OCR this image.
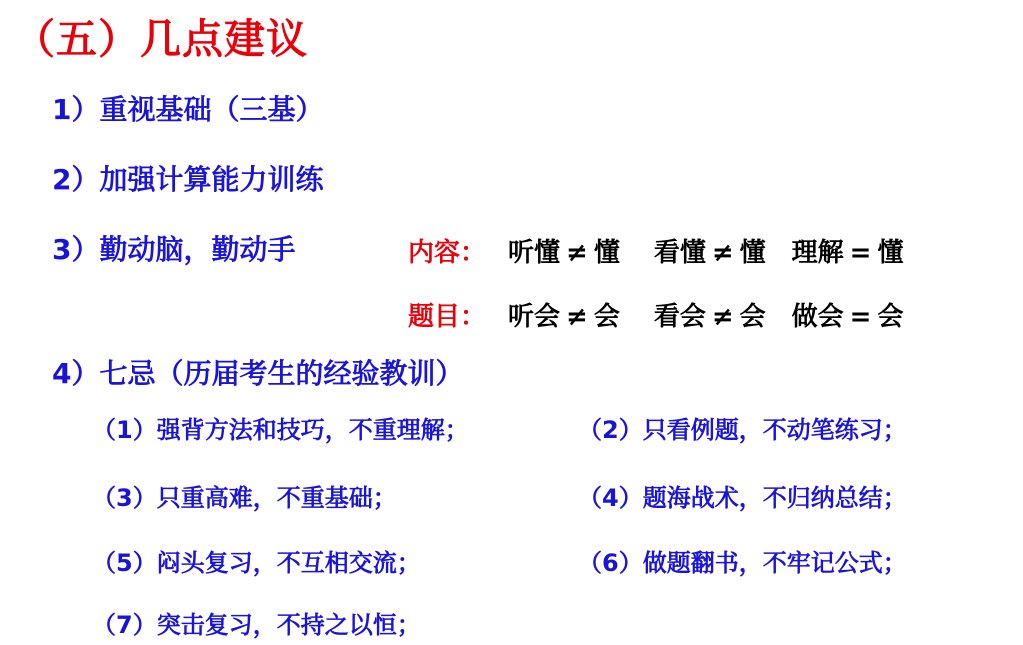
（五）几点建议
1）重视基础（三基）
2）加强计算能力训练
3）勤动脑，勤动手
4）七忌（历届考生的经验教训）
内容： 听懂 ≠ 懂 看懂 ≠ 懂 理解 = 懂
题目： 听会 ≠ 会 看会 ≠ 会 做会 = 会
（1）强背方法和技巧，不重理解；	（2）只看例题，不动笔练习；
（3）只重高难，不重基础；	（4）题海战术，不归纳总结；
（5）闷头复习，不互相交流；	（6）做题翻书，不牢记公式；
（7）突击复习，不持之以恒；
